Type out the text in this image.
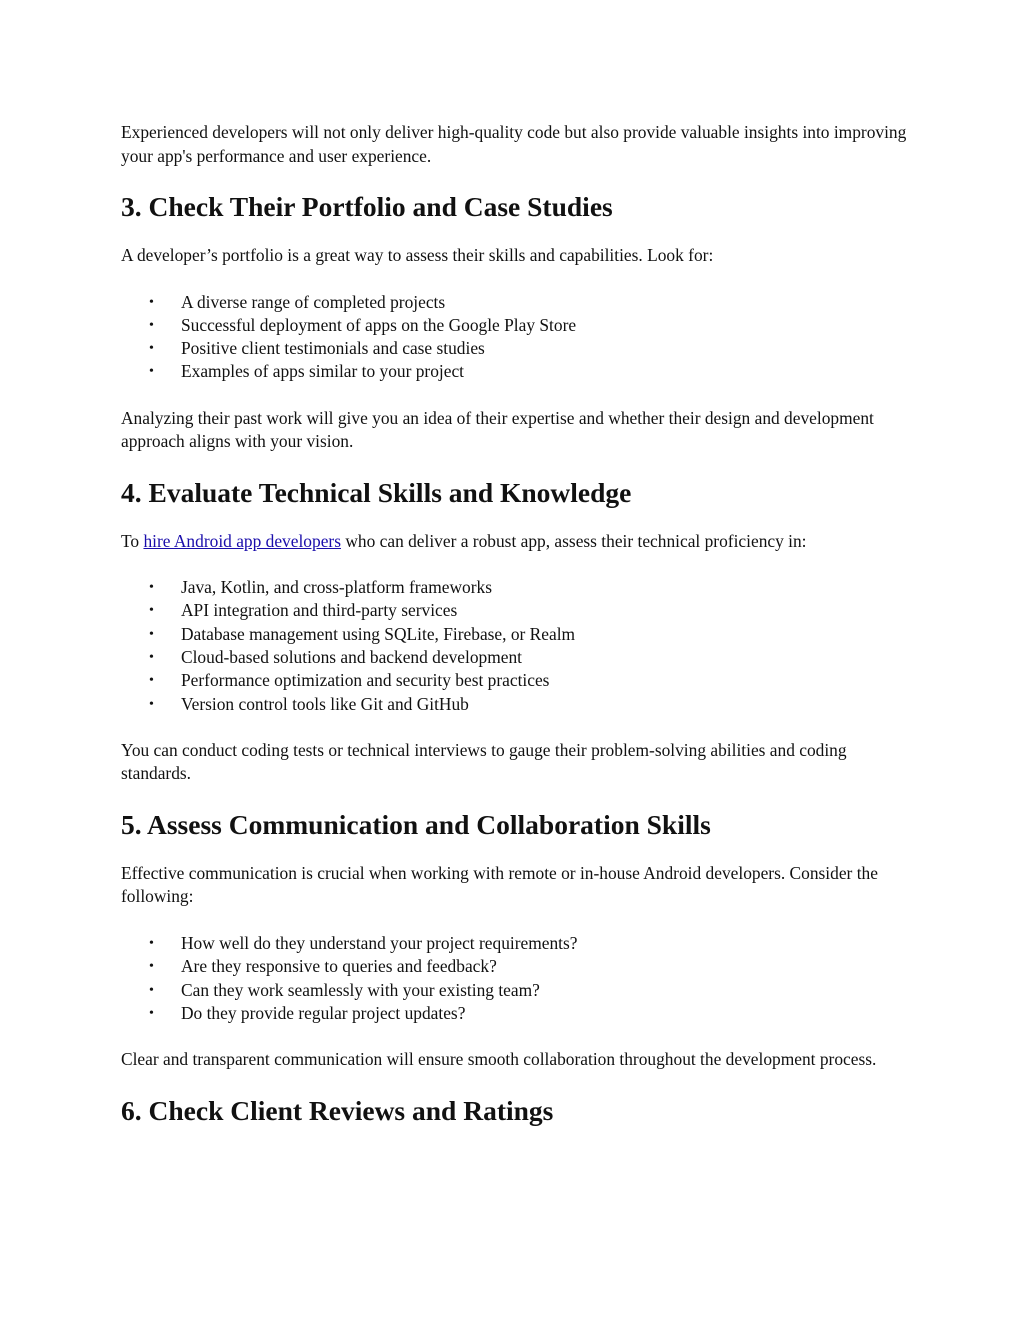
Experienced developers will not only deliver high-quality code but also provide valuable insights into improving your app's performance and user experience.

3. Check Their Portfolio and Case Studies

A developer’s portfolio is a great way to assess their skills and capabilities. Look for:

• A diverse range of completed projects
• Successful deployment of apps on the Google Play Store
• Positive client testimonials and case studies
• Examples of apps similar to your project

Analyzing their past work will give you an idea of their expertise and whether their design and development approach aligns with your vision.

4. Evaluate Technical Skills and Knowledge

To hire Android app developers who can deliver a robust app, assess their technical proficiency in:

• Java, Kotlin, and cross-platform frameworks
• API integration and third-party services
• Database management using SQLite, Firebase, or Realm
• Cloud-based solutions and backend development
• Performance optimization and security best practices
• Version control tools like Git and GitHub

You can conduct coding tests or technical interviews to gauge their problem-solving abilities and coding standards.

5. Assess Communication and Collaboration Skills

Effective communication is crucial when working with remote or in-house Android developers. Consider the following:

• How well do they understand your project requirements?
• Are they responsive to queries and feedback?
• Can they work seamlessly with your existing team?
• Do they provide regular project updates?

Clear and transparent communication will ensure smooth collaboration throughout the development process.

6. Check Client Reviews and Ratings
